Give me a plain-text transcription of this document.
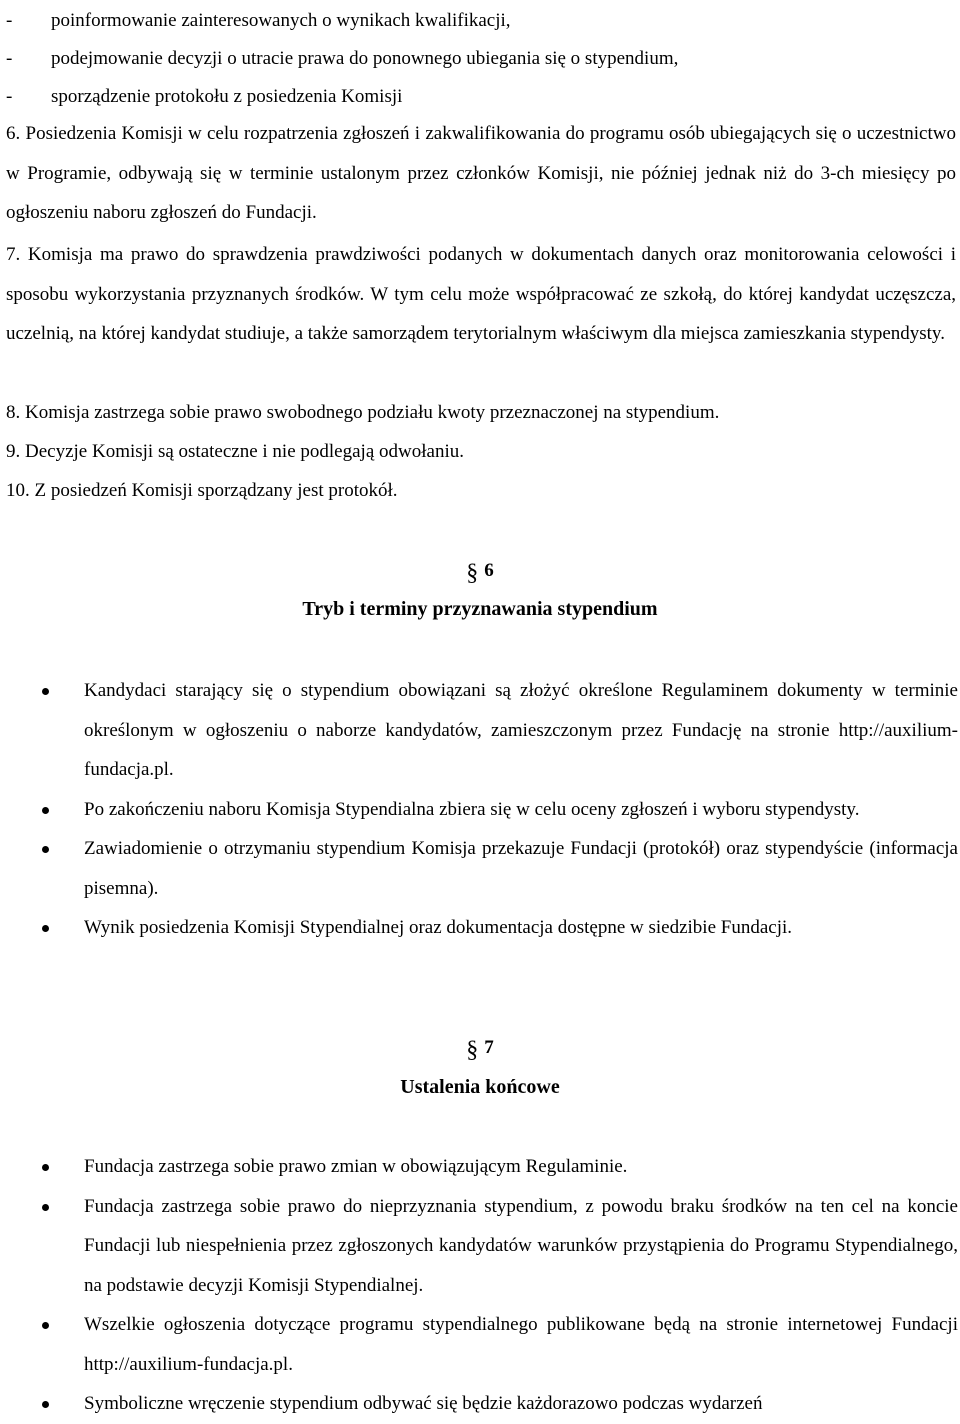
- poinformowanie zainteresowanych o wynikach kwalifikacji,
- podejmowanie decyzji o utracie prawa do ponownego ubiegania się o stypendium,
- sporządzenie protokołu z posiedzenia Komisji

6. Posiedzenia Komisji w celu rozpatrzenia zgłoszeń i zakwalifikowania do programu osób ubiegających się o uczestnictwo w Programie, odbywają się w terminie ustalonym przez członków Komisji, nie później jednak niż do 3-ch miesięcy po ogłoszeniu naboru zgłoszeń do Fundacji.

7. Komisja ma prawo do sprawdzenia prawdziwości podanych w dokumentach danych oraz monitorowania celowości i sposobu wykorzystania przyznanych środków. W tym celu może współpracować ze szkołą, do której kandydat uczęszcza, uczelnią, na której kandydat studiuje, a także samorządem terytorialnym właściwym dla miejsca zamieszkania stypendysty.

8. Komisja zastrzega sobie prawo swobodnego podziału kwoty przeznaczonej na stypendium.

9. Decyzje Komisji są ostateczne i nie podlegają odwołaniu.

10. Z posiedzeń Komisji sporządzany jest protokół.

§ 6
Tryb i terminy przyznawania stypendium
Kandydaci starający się o stypendium obowiązani są złożyć określone Regulaminem dokumenty w terminie określonym w ogłoszeniu o naborze kandydatów, zamieszczonym przez Fundację na stronie http://auxilium-fundacja.pl.
Po zakończeniu naboru Komisja Stypendialna zbiera się w celu oceny zgłoszeń i wyboru stypendysty.
Zawiadomienie o otrzymaniu stypendium Komisja przekazuje Fundacji (protokół) oraz stypendyście (informacja pisemna).
Wynik posiedzenia Komisji Stypendialnej oraz dokumentacja dostępne w siedzibie Fundacji.
§ 7
Ustalenia końcowe
Fundacja zastrzega sobie prawo zmian w obowiązującym Regulaminie.
Fundacja zastrzega sobie prawo do nieprzyznania stypendium, z powodu braku środków na ten cel na koncie Fundacji lub niespełnienia przez zgłoszonych kandydatów warunków przystąpienia do Programu Stypendialnego, na podstawie decyzji Komisji Stypendialnej.
Wszelkie ogłoszenia dotyczące programu stypendialnego publikowane będą na stronie internetowej Fundacji http://auxilium-fundacja.pl.
Symboliczne wręczenie stypendium odbywać się będzie każdorazowo podczas wydarzeń
